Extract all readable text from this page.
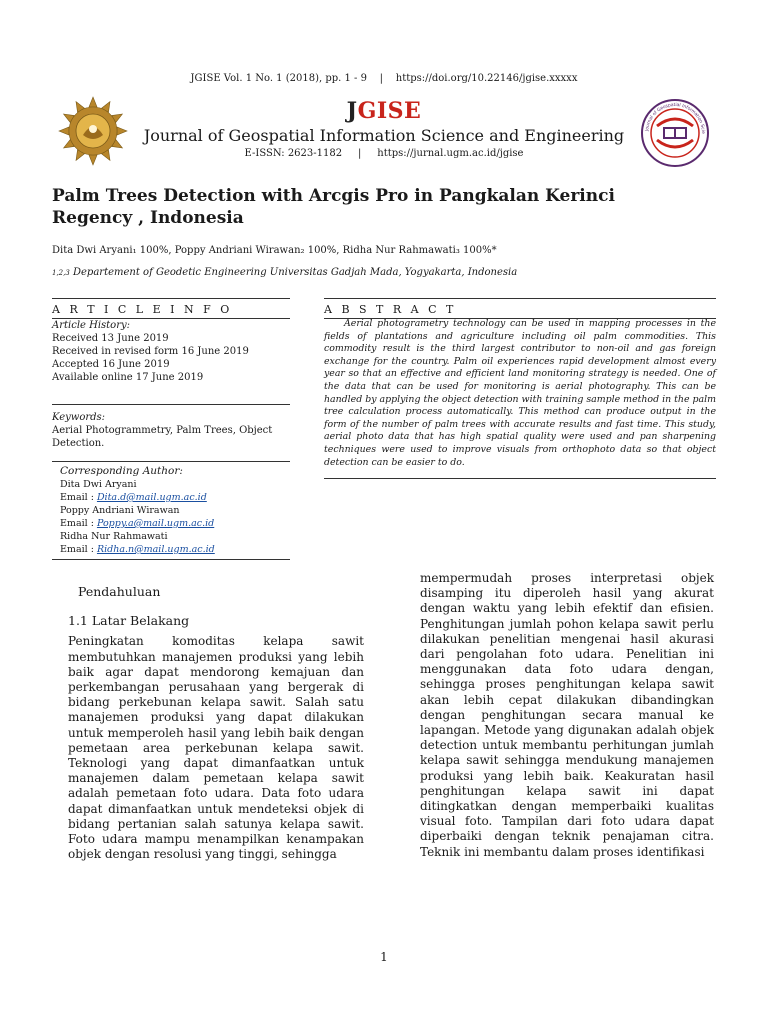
JGISE Vol. 1 No. 1 (2018), pp. 1 - 9 | https://doi.org/10.22146/jgise.xxxxx
JGISE
Journal of Geospatial Information Science and Engineering
E-ISSN: 2623-1182 | https://jurnal.ugm.ac.id/jgise
Journal of Geospatial Information Scie
Palm Trees Detection with Arcgis Pro in Pangkalan Kerinci Regency , Indonesia
Dita Dwi Aryani₁ 100%, Poppy Andriani Wirawan₂ 100%, Ridha Nur Rahmawati₃ 100%*
1,2,3 Departement of Geodetic Engineering Universitas Gadjah Mada, Yogyakarta, Indonesia
A R T I C L E I N F O	A B S T R A C T
Article History:
Received 13 June 2019
Received in revised form 16 June 2019
Accepted 16 June 2019
Available online 17 June 2019
Keywords:
Aerial Photogrammetry, Palm Trees, Object Detection.
Aerial photogrametry technology can be used in mapping processes in the fields of plantations and agriculture including oil palm commodities. This commodity result is the third largest contributor to non-oil and gas foreign exchange for the country. Palm oil experiences rapid development almost every year so that an effective and efficient land monitoring strategy is needed. One of the data that can be used for monitoring is aerial photography. This can be handled by applying the object detection with training sample method in the palm tree calculation process automatically. This method can produce output in the form of the number of palm trees with accurate results and fast time. This study, aerial photo data that has high spatial quality were used and pan sharpening techniques were used to improve visuals from orthophoto data so that object detection can be easier to do.
Corresponding Author:
Dita Dwi Aryani
Email : Dita.d@mail.ugm.ac.id
Poppy Andriani Wirawan
Email : Poppy.a@mail.ugm.ac.id
Ridha Nur Rahmawati
Email : Ridha.n@mail.ugm.ac.id
Pendahuluan
1.1 Latar Belakang
Peningkatan komoditas kelapa sawit membutuhkan manajemen produksi yang lebih baik agar dapat mendorong kemajuan dan perkembangan perusahaan yang bergerak di bidang perkebunan kelapa sawit. Salah satu manajemen produksi yang dapat dilakukan untuk memperoleh hasil yang lebih baik dengan pemetaan area perkebunan kelapa sawit. Teknologi yang dapat dimanfaatkan untuk manajemen dalam pemetaan kelapa sawit adalah pemetaan foto udara. Data foto udara dapat dimanfaatkan untuk mendeteksi objek di bidang pertanian salah satunya kelapa sawit. Foto udara mampu menampilkan kenampakan objek dengan resolusi yang tinggi, sehingga
mempermudah proses interpretasi objek disamping itu diperoleh hasil yang akurat dengan waktu yang lebih efektif dan efisien. Penghitungan jumlah pohon kelapa sawit perlu dilakukan penelitian mengenai hasil akurasi dari pengolahan foto udara. Penelitian ini menggunakan data foto udara dengan, sehingga proses penghitungan kelapa sawit akan lebih cepat dilakukan dibandingkan dengan penghitungan secara manual ke lapangan. Metode yang digunakan adalah objek detection untuk membantu perhitungan jumlah kelapa sawit sehingga mendukung manajemen produksi yang lebih baik. Keakuratan hasil penghitungan kelapa sawit ini dapat ditingkatkan dengan memperbaiki kualitas visual foto. Tampilan dari foto udara dapat diperbaiki dengan teknik penajaman citra. Teknik ini membantu dalam proses identifikasi
1
